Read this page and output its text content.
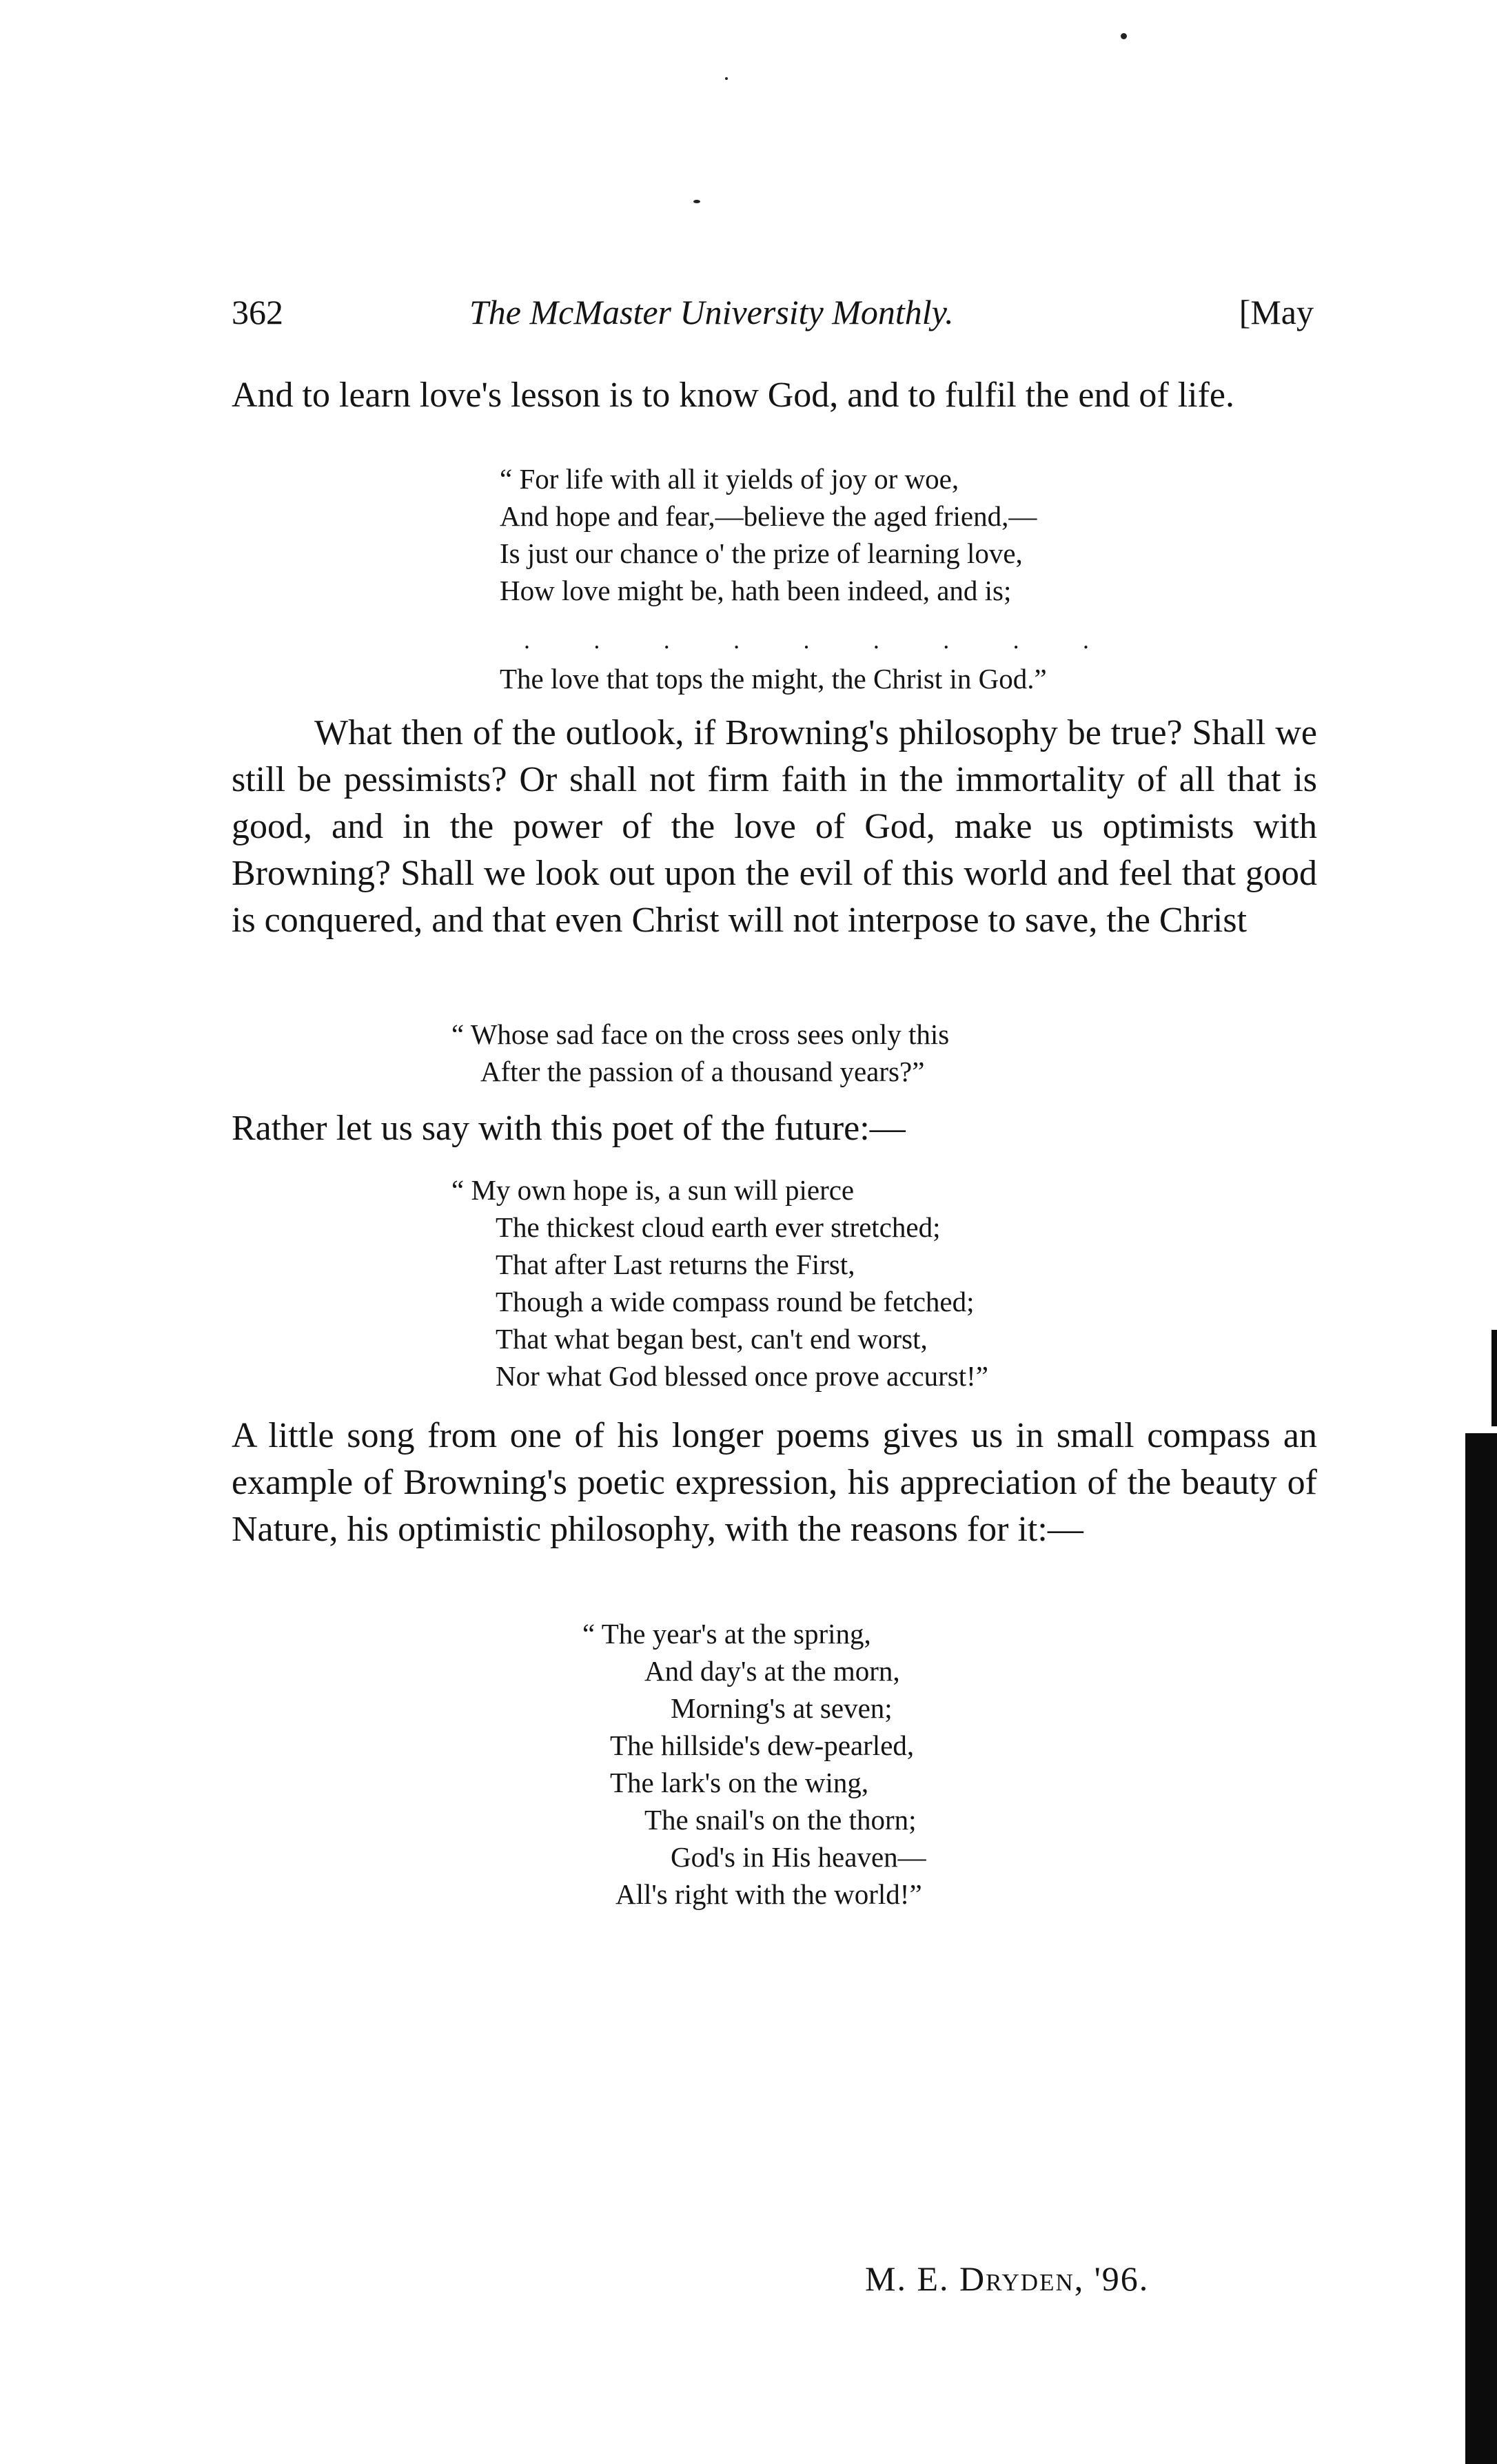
362	The McMaster University Monthly.	[May

And to learn love's lesson is to know God, and to fulfil the end of life.

“ For life with all it yields of joy or woe,
And hope and fear,—believe the aged friend,—
Is just our chance o' the prize of learning love,
How love might be, hath been indeed, and is;
.	.	.	.	.	.	.	.	.
The love that tops the might, the Christ in God.”

What then of the outlook, if Browning's philosophy be true? Shall we still be pessimists? Or shall not firm faith in the immortality of all that is good, and in the power of the love of God, make us optimists with Browning? Shall we look out upon the evil of this world and feel that good is conquered, and that even Christ will not interpose to save, the Christ

“ Whose sad face on the cross sees only this
After the passion of a thousand years?”

Rather let us say with this poet of the future:—

“ My own hope is, a sun will pierce
The thickest cloud earth ever stretched;
That after Last returns the First,
Though a wide compass round be fetched;
That what began best, can't end worst,
Nor what God blessed once prove accurst!”

A little song from one of his longer poems gives us in small compass an example of Browning's poetic expression, his appreciation of the beauty of Nature, his optimistic philosophy, with the reasons for it:—

“ The year's at the spring,
And day's at the morn,
Morning's at seven;
The hillside's dew-pearled,
The lark's on the wing,
The snail's on the thorn;
God's in His heaven—
All's right with the world!”
M. E. Dryden, '96.
